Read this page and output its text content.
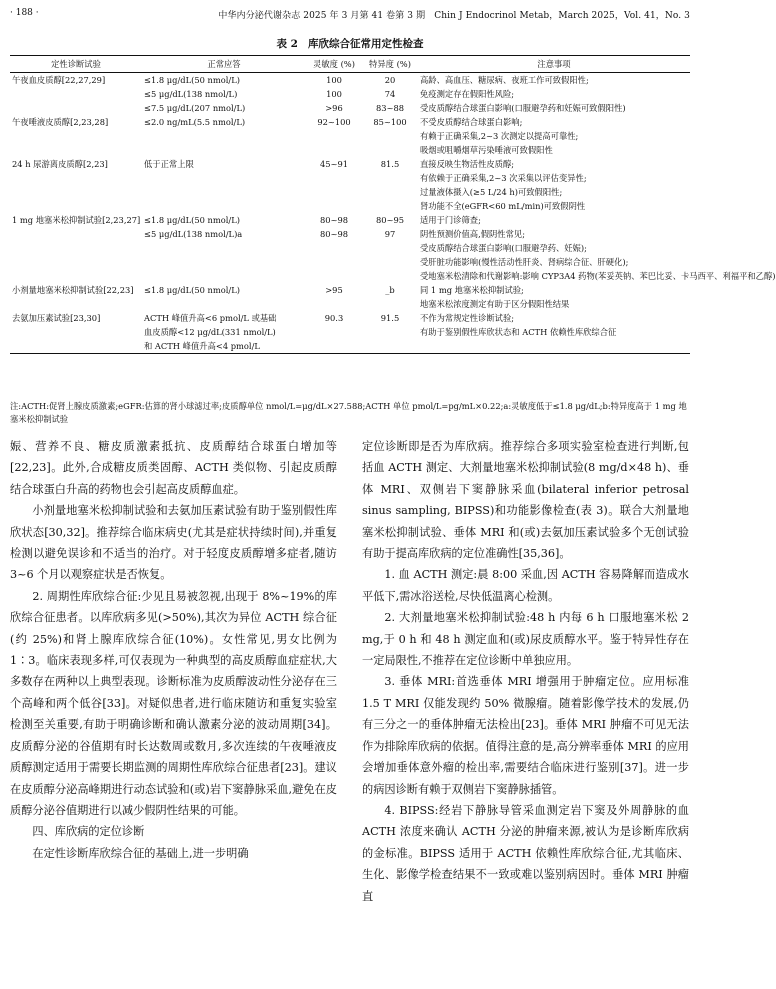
· 188 ·	中华内分泌代谢杂志 2025 年 3 月第 41 卷第 3 期　Chin J Endocrinol Metab，March 2025，Vol. 41，No. 3
表 2 库欣综合征常用定性检查
定性诊断试验	正常应答	灵敏度 (%)	特异度 (%)	注意事项
午夜血皮质醇[22,27,29]	≤1.8 μg/dL(50 nmol/L)	100	20	高龄、高血压、糖尿病、夜班工作可致假阳性;
	≤5 μg/dL(138 nmol/L)	100	74	免疫测定存在假阳性风险;
	≤7.5 μg/dL(207 nmol/L)	>96	83~88	受皮质醇结合球蛋白影响(口服避孕药和妊娠可致假阳性)
午夜唾液皮质醇[2,23,28]	≤2.0 ng/mL(5.5 nmol/L)	92~100	85~100	不受皮质醇结合球蛋白影响;
				有赖于正确采集,2~3 次测定以提高可靠性;
				吸烟或咀嚼烟草污染唾液可致假阳性
24 h 尿游离皮质醇[2,23]	低于正常上限	45~91	81.5	直接反映生物活性皮质醇;
				有依赖于正确采集,2~3 次采集以评估变异性;
				过量液体摄入(≥5 L/24 h)可致假阳性;
				肾功能不全(eGFR<60 mL/min)可致假阴性
1 mg 地塞米松抑制试验[2,23,27]	≤1.8 μg/dL(50 nmol/L)	80~98	80~95	适用于门诊筛查;
	≤5 μg/dL(138 nmol/L)a	80~98	97	阴性预测价值高,假阴性常见;
				受皮质醇结合球蛋白影响(口服避孕药、妊娠);
				受肝脏功能影响(慢性活动性肝炎、肾病综合征、肝硬化);
				受地塞米松清除和代谢影响:影响 CYP3A4 药物(苯妥英钠、苯巴比妥、卡马西平、利福平和乙醇)
小剂量地塞米松抑制试验[22,23]	≤1.8 μg/dL(50 nmol/L)	>95	_b	同 1 mg 地塞米松抑制试验;
				地塞米松浓度测定有助于区分假阳性结果
去氨加压素试验[23,30]	ACTH 峰值升高<6 pmol/L 或基础	90.3	91.5	不作为常规定性诊断试验;
	血皮质醇<12 μg/dL(331 nmol/L)			有助于鉴别假性库欣状态和 ACTH 依赖性库欣综合征
	和 ACTH 峰值升高<4 pmol/L			
注:ACTH:促肾上腺皮质激素;eGFR:估算的肾小球滤过率;皮质醇单位 nmol/L=μg/dL×27.588;ACTH 单位 pmol/L=pg/mL×0.22;a:灵敏度低于≤1.8 μg/dL;b:特异度高于 1 mg 地塞米松抑制试验

娠、营养不良、糖皮质激素抵抗、皮质醇结合球蛋白增加等[22,23]。此外,合成糖皮质类固醇、ACTH 类似物、引起皮质醇结合球蛋白升高的药物也会引起高皮质醇血症。

小剂量地塞米松抑制试验和去氨加压素试验有助于鉴别假性库欣状态[30,32]。推荐综合临床病史(尤其是症状持续时间),并重复检测以避免误诊和不适当的治疗。对于轻度皮质醇增多症者,随访 3~6 个月以观察症状是否恢复。

2. 周期性库欣综合征:少见且易被忽视,出现于 8%~19%的库欣综合征患者。以库欣病多见(>50%),其次为异位 ACTH 综合征(约 25%)和肾上腺库欣综合征(10%)。女性常见,男女比例为 1∶3。临床表现多样,可仅表现为一种典型的高皮质醇血症症状,大多数存在两种以上典型表现。诊断标准为皮质醇波动性分泌存在三个高峰和两个低谷[33]。对疑似患者,进行临床随访和重复实验室检测至关重要,有助于明确诊断和确认激素分泌的波动周期[34]。皮质醇分泌的谷值期有时长达数周或数月,多次连续的午夜唾液皮质醇测定适用于需要长期监测的周期性库欣综合征患者[23]。建议在皮质醇分泌高峰期进行动态试验和(或)岩下窦静脉采血,避免在皮质醇分泌谷值期进行以减少假阴性结果的可能。

四、库欣病的定位诊断

在定性诊断库欣综合征的基础上,进一步明确

定位诊断即是否为库欣病。推荐综合多项实验室检查进行判断,包括血 ACTH 测定、大剂量地塞米松抑制试验(8 mg/d×48 h)、垂体 MRI、双侧岩下窦静脉采血(bilateral inferior petrosal sinus sampling, BIPSS)和功能影像检查(表 3)。联合大剂量地塞米松抑制试验、垂体 MRI 和(或)去氨加压素试验多个无创试验有助于提高库欣病的定位准确性[35,36]。

1. 血 ACTH 测定:晨 8:00 采血,因 ACTH 容易降解而造成水平低下,需冰浴送检,尽快低温离心检测。

2. 大剂量地塞米松抑制试验:48 h 内每 6 h 口服地塞米松 2 mg,于 0 h 和 48 h 测定血和(或)尿皮质醇水平。鉴于特异性存在一定局限性,不推荐在定位诊断中单独应用。

3. 垂体 MRI:首选垂体 MRI 增强用于肿瘤定位。应用标准 1.5 T MRI 仅能发现约 50% 微腺瘤。随着影像学技术的发展,仍有三分之一的垂体肿瘤无法检出[23]。垂体 MRI 肿瘤不可见无法作为排除库欣病的依据。值得注意的是,高分辨率垂体 MRI 的应用会增加垂体意外瘤的检出率,需要结合临床进行鉴别[37]。进一步的病因诊断有赖于双侧岩下窦静脉插管。

4. BIPSS:经岩下静脉导管采血测定岩下窦及外周静脉的血 ACTH 浓度来确认 ACTH 分泌的肿瘤来源,被认为是诊断库欣病的金标准。BIPSS 适用于 ACTH 依赖性库欣综合征,尤其临床、生化、影像学检查结果不一致或难以鉴别病因时。垂体 MRI 肿瘤直
